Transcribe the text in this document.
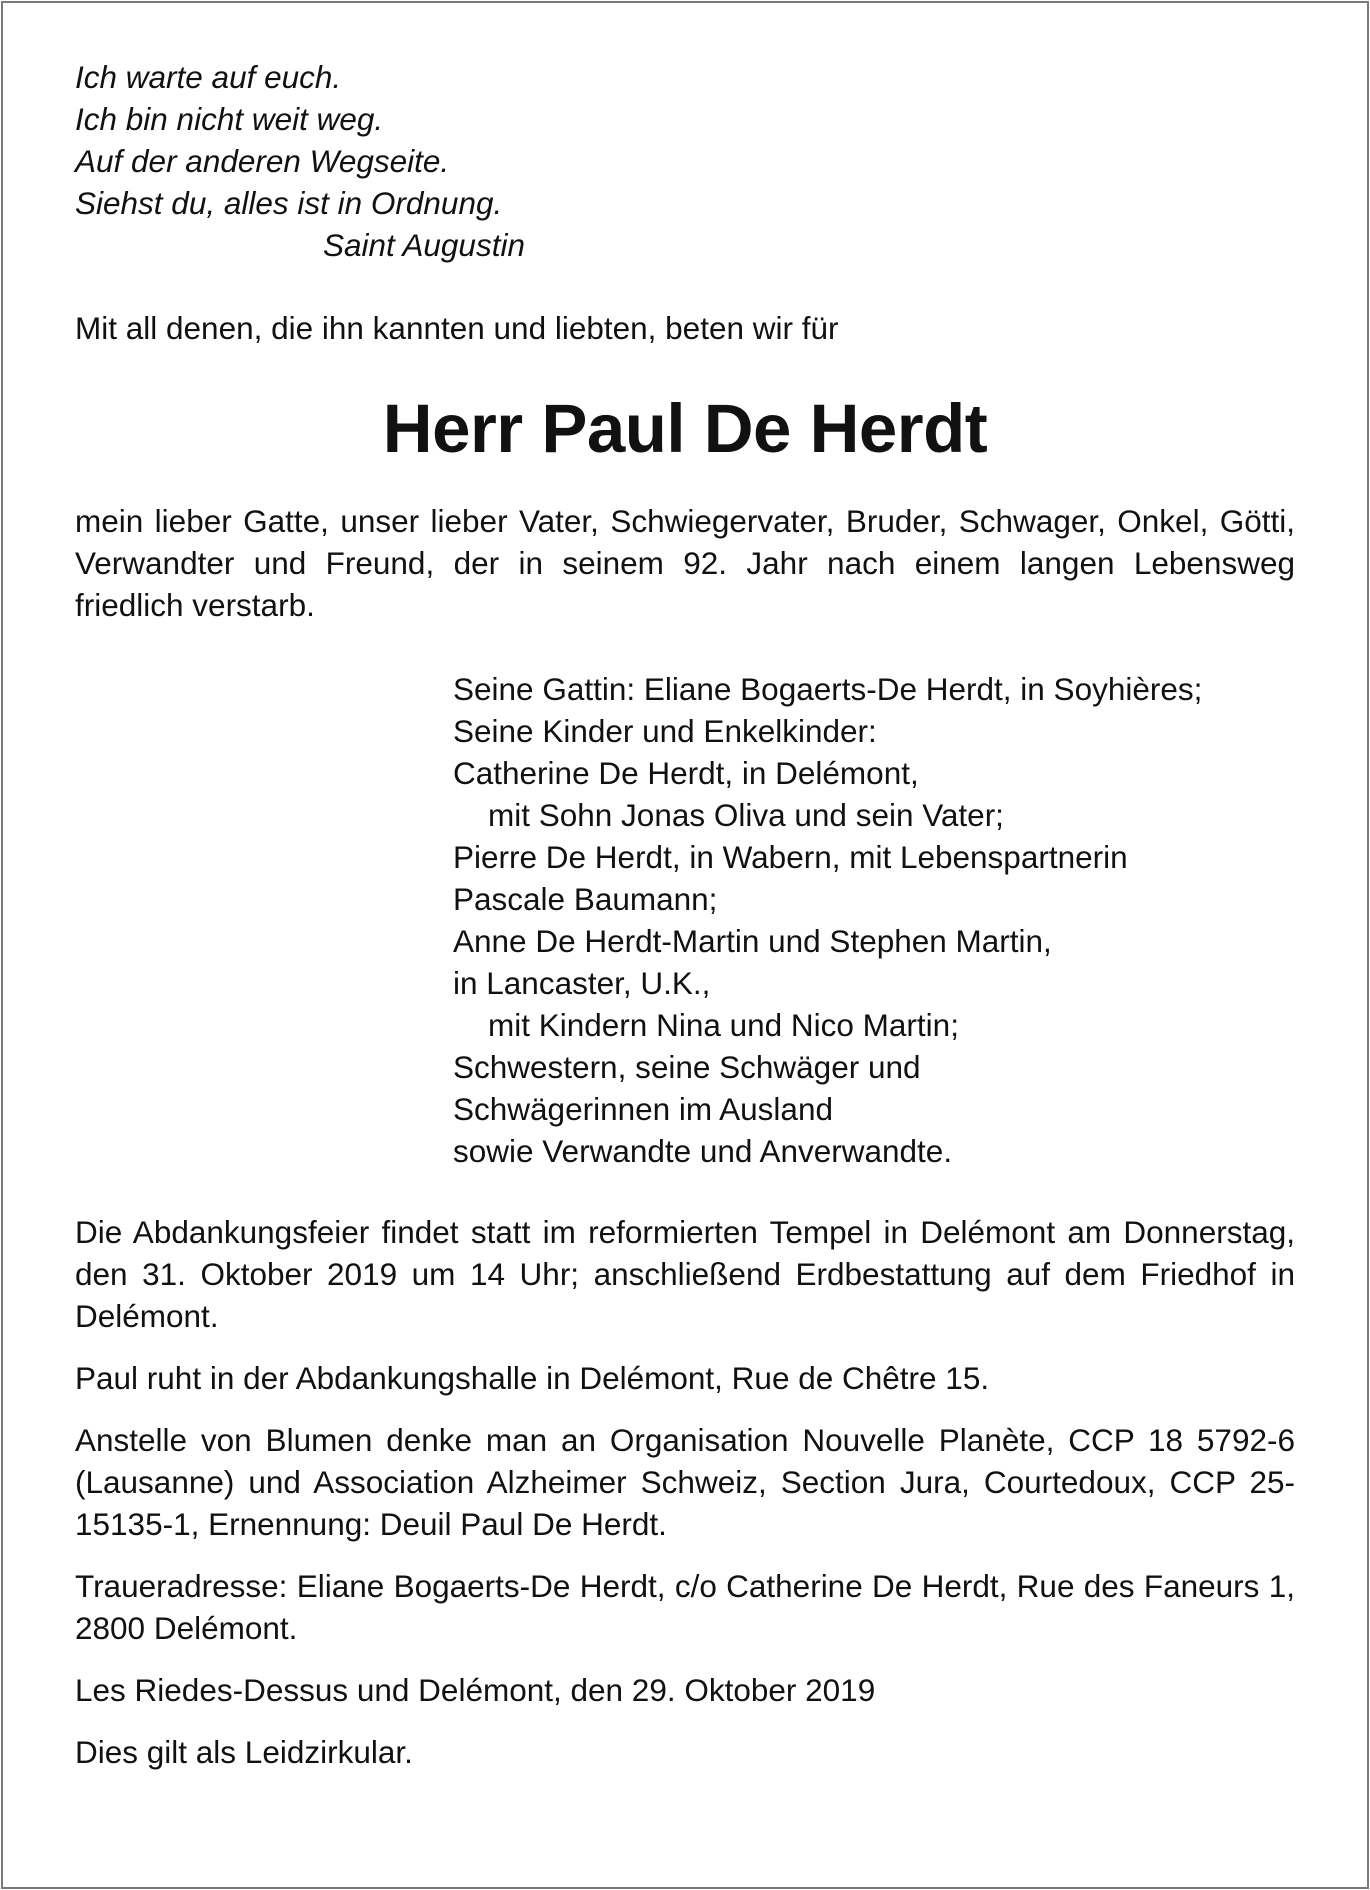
Ich warte auf euch.
Ich bin nicht weit weg.
Auf der anderen Wegseite.
Siehst du, alles ist in Ordnung.
Saint Augustin

Mit all denen, die ihn kannten und liebten, beten wir für

Herr Paul De Herdt

mein lieber Gatte, unser lieber Vater, Schwiegervater, Bruder, Schwager, Onkel, Götti, Verwandter und Freund, der in seinem 92. Jahr nach einem langen Lebensweg friedlich verstarb.

Seine Gattin: Eliane Bogaerts-De Herdt, in Soyhières;
Seine Kinder und Enkelkinder:
Catherine De Herdt, in Delémont,
mit Sohn Jonas Oliva und sein Vater;
Pierre De Herdt, in Wabern, mit Lebenspartnerin
Pascale Baumann;
Anne De Herdt-Martin und Stephen Martin,
in Lancaster, U.K.,
mit Kindern Nina und Nico Martin;
Schwestern, seine Schwäger und
Schwägerinnen im Ausland
sowie Verwandte und Anverwandte.

Die Abdankungsfeier findet statt im reformierten Tempel in Delémont am Donnerstag, den 31. Oktober 2019 um 14 Uhr; anschließend Erdbestattung auf dem Friedhof in Delémont.

Paul ruht in der Abdankungshalle in Delémont, Rue de Chêtre 15.

Anstelle von Blumen denke man an Organisation Nouvelle Planète, CCP 18 5792-6 (Lausanne) und Association Alzheimer Schweiz, Section Jura, Courtedoux, CCP 25-15135-1, Ernennung: Deuil Paul De Herdt.

Traueradresse: Eliane Bogaerts-De Herdt, c/o Catherine De Herdt, Rue des Faneurs 1, 2800 Delémont.

Les Riedes-Dessus und Delémont, den 29. Oktober 2019

Dies gilt als Leidzirkular.
